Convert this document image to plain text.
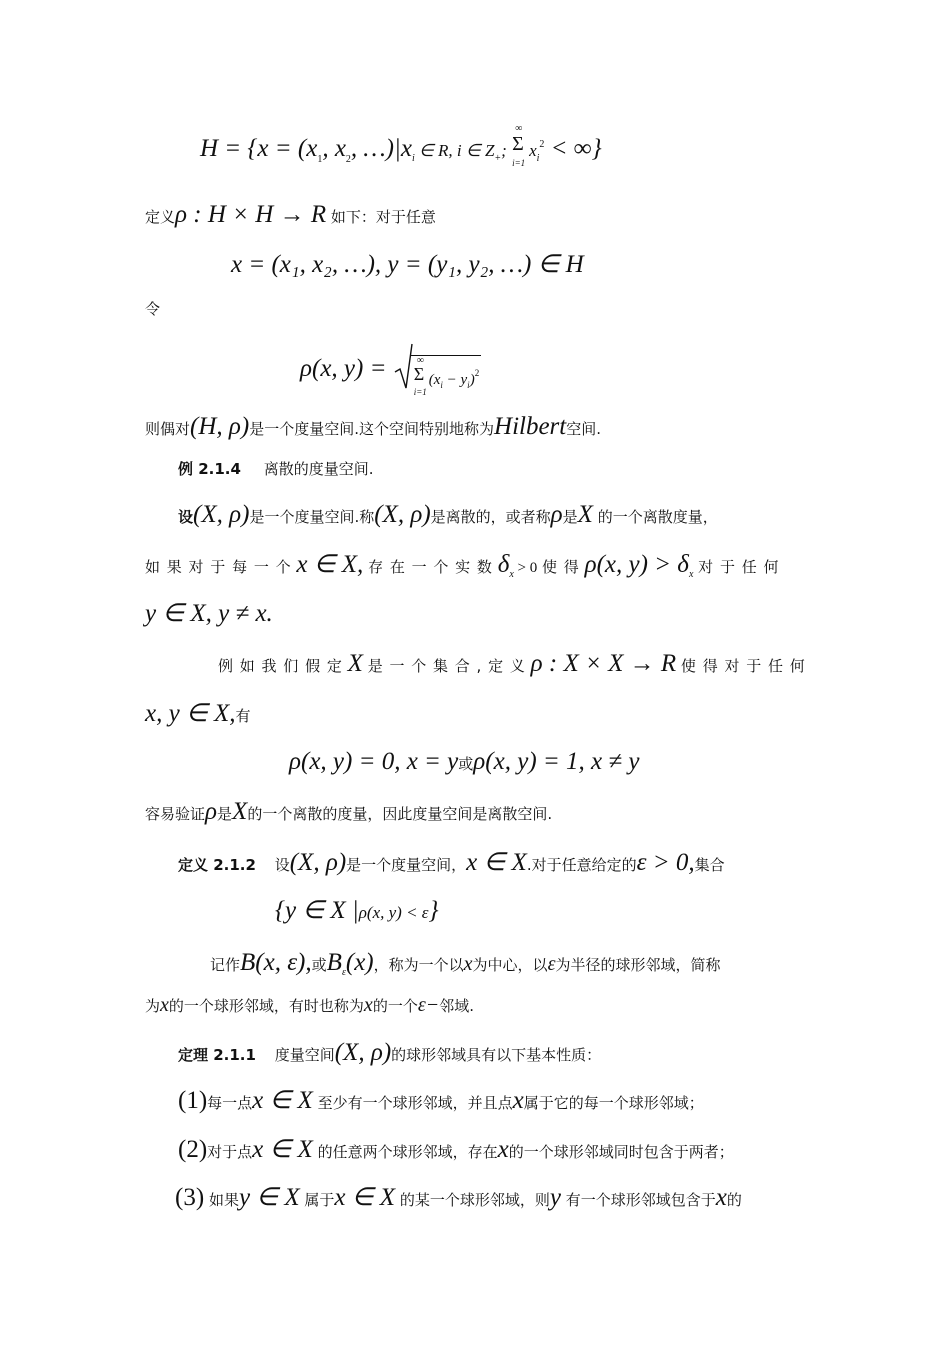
$H = \{x = (x_1$, $x_2$, $\dots)|x_i$ ∈ R, i ∈ $Z_+$;
∞
Σ
i=1
$x_i^2$ < ∞}
定义ρ : H × H → R 如下：对于任意
x = (x₁, x₂, …), y = (y₁, y₂, …) ∈ H
令
ρ(x, y) = ∞
Σ
i=1
$(x_i - y_i)^2$
则偶对(H, ρ)是一个度量空间.这个空间特别地称为Hilbert空间.
例 2.1.4 离散的度量空间.
设(X, ρ)是一个度量空间.称(X, ρ)是离散的，或者称ρ是X 的一个离散度量，
如 果 对 于 每 一 个 x ∈ X, 存 在 一 个 实 数 $\delta_x > 0$ 使 得 ρ(x, $y) > \delta_x$ 对 于 任 何
y ∈ X, y ≠ x.
例 如 我 们 假 定 X 是 一 个 集 合 , 定 义 ρ : X × X → R 使 得 对 于 任 何
x, y ∈ X,有
ρ(x, y) = 0, x = y或ρ(x, y) = 1, x ≠ y
容易验证ρ是X的一个离散的度量，因此度量空间是离散空间.
定义 2.1.2 设(X, ρ)是一个度量空间，x ∈ X.对于任意给定的ε > 0,集合
{y ∈ X |ρ(x, y) < ε}
记作B(x, ε),或$B_\varepsilon(x)$，称为一个以x为中心，以ε为半径的球形邻域，简称
为x的一个球形邻域，有时也称为x的一个ε−邻域.
定理 2.1.1 度量空间(X, ρ)的球形邻域具有以下基本性质：
(1)每一点x ∈ X 至少有一个球形邻域，并且点x属于它的每一个球形邻域；
(2)对于点x ∈ X 的任意两个球形邻域，存在x的一个球形邻域同时包含于两者；
(3) 如果y ∈ X 属于x ∈ X 的某一个球形邻域，则y 有一个球形邻域包含于x的
